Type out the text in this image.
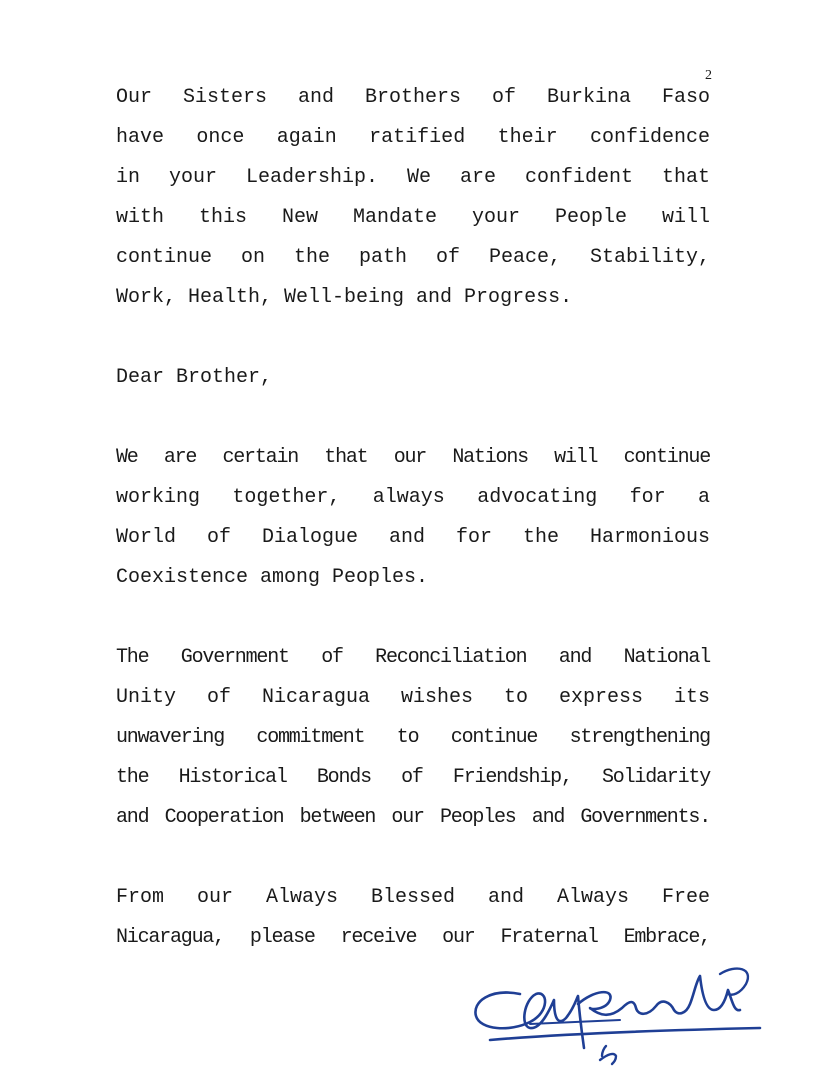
2
Our Sisters and Brothers of Burkina Faso
have once again ratified their confidence
in your Leadership. We are confident that
with this New Mandate your People will
continue on the path of Peace, Stability,
Work, Health, Well-being and Progress.
Dear Brother,
We are certain that our Nations will continue
working together, always advocating for a
World of Dialogue and for the Harmonious
Coexistence among Peoples.
The Government of Reconciliation and National
Unity of Nicaragua wishes to express its
unwavering commitment to continue strengthening
the Historical Bonds of Friendship, Solidarity
and Cooperation between our Peoples and Governments.
From our Always Blessed and Always Free
Nicaragua, please receive our Fraternal Embrace,
